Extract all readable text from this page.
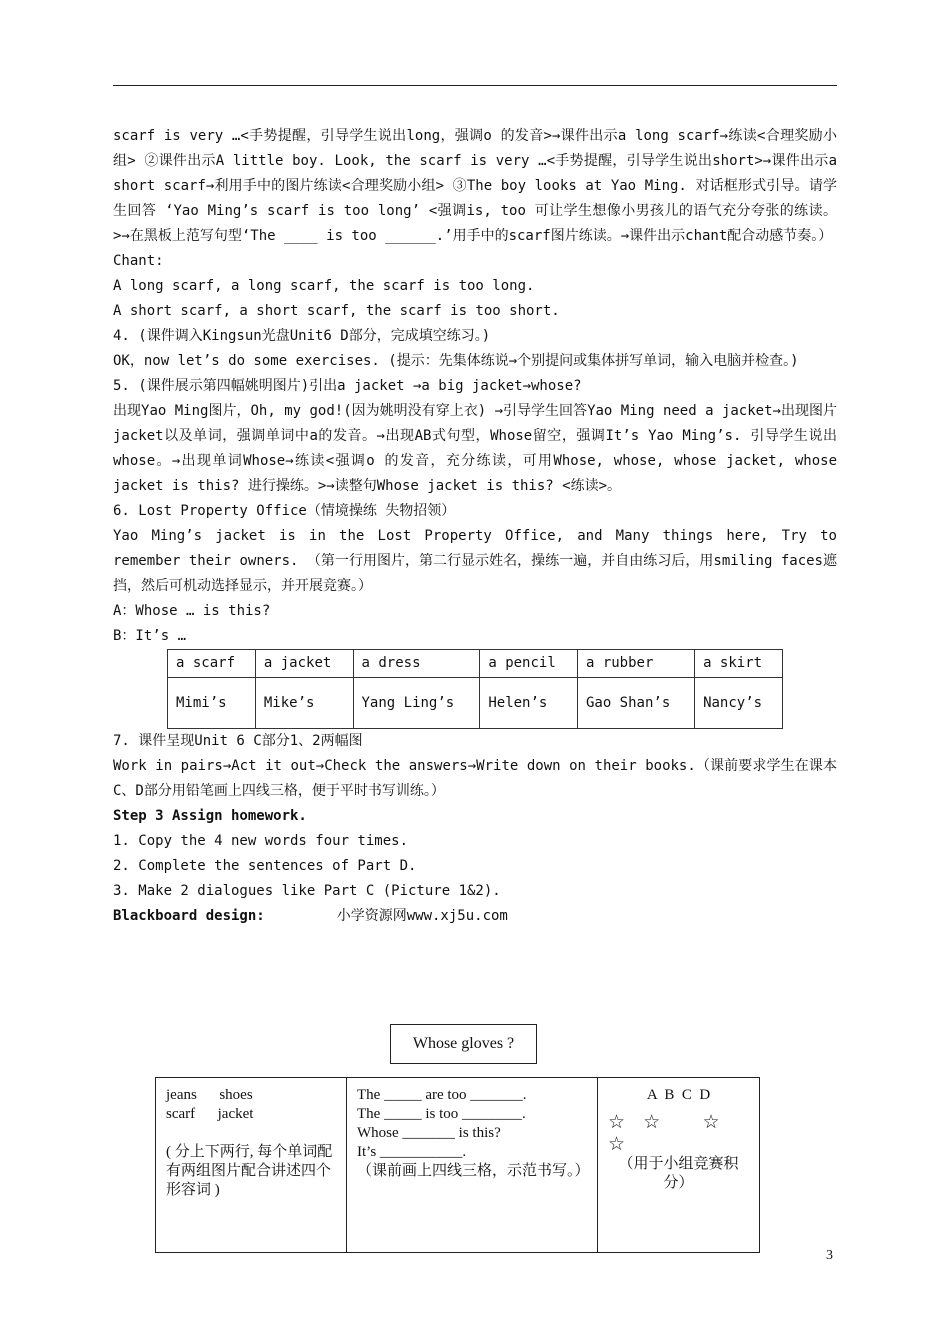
scarf is very …<手势提醒，引导学生说出long，强调o 的发音>→课件出示a long scarf→练读<合理奖励小组> ②课件出示A little boy. Look, the scarf is very …<手势提醒，引导学生说出short>→课件出示a short scarf→利用手中的图片练读<合理奖励小组> ③The boy looks at Yao Ming. 对话框形式引导。请学生回答 ‘Yao Ming’s scarf is too long’ <强调is, too 可让学生想像小男孩儿的语气充分夸张的练读。>→在黑板上范写句型‘The ____ is too ______.’用手中的scarf图片练读。→课件出示chant配合动感节奏。）

Chant:

A long scarf, a long scarf, the scarf is too long.

A short scarf, a short scarf, the scarf is too short.

4. (课件调入Kingsun光盘Unit6 D部分，完成填空练习。)

OK，now let’s do some exercises. (提示：先集体练说→个别提问或集体拼写单词，输入电脑并检查。)

5. (课件展示第四幅姚明图片)引出a jacket →a big jacket→whose?

出现Yao Ming图片，Oh, my god!(因为姚明没有穿上衣) →引导学生回答Yao Ming need a jacket→出现图片jacket以及单词，强调单词中a的发音。→出现AB式句型，Whose留空，强调It’s Yao Ming’s. 引导学生说出whose。→出现单词Whose→练读<强调o 的发音，充分练读，可用Whose, whose, whose jacket, whose jacket is this? 进行操练。>→读整句Whose jacket is this? <练读>。

6. Lost Property Office（情境操练 失物招领）

Yao Ming’s jacket is in the Lost Property Office, and Many things here, Try to remember their owners. （第一行用图片，第二行显示姓名，操练一遍，并自由练习后，用smiling faces遮挡，然后可机动选择显示，并开展竞赛。）

A：Whose … is this?

B：It’s …

a scarf	a jacket	a dress	a pencil	a rubber	a skirt
Mimi’s	Mike’s	Yang Ling’s	Helen’s	Gao Shan’s	Nancy’s

7. 课件呈现Unit 6 C部分1、2两幅图

Work in pairs→Act it out→Check the answers→Write down on their books.（课前要求学生在课本C、D部分用铅笔画上四线三格，便于平时书写训练。）

Step 3 Assign homework.

1. Copy the 4 new words four times.

2. Complete the sentences of Part D.

3. Make 2 dialogues like Part C (Picture 1&2).

Blackboard design:	小学资源网www.xj5u.com

Whose gloves ?
jeans      shoes
scarf      jacket
( 分上下两行, 每个单词配有两组图片配合讲述四个形容词 )

The _____ are too _______.
The _____ is too ________.
Whose _______ is this?
It’s ___________.
（课前画上四线三格，示范书写。）

A  B  C  D
☆   ☆       ☆
☆
（用于小组竞赛积分）
3
